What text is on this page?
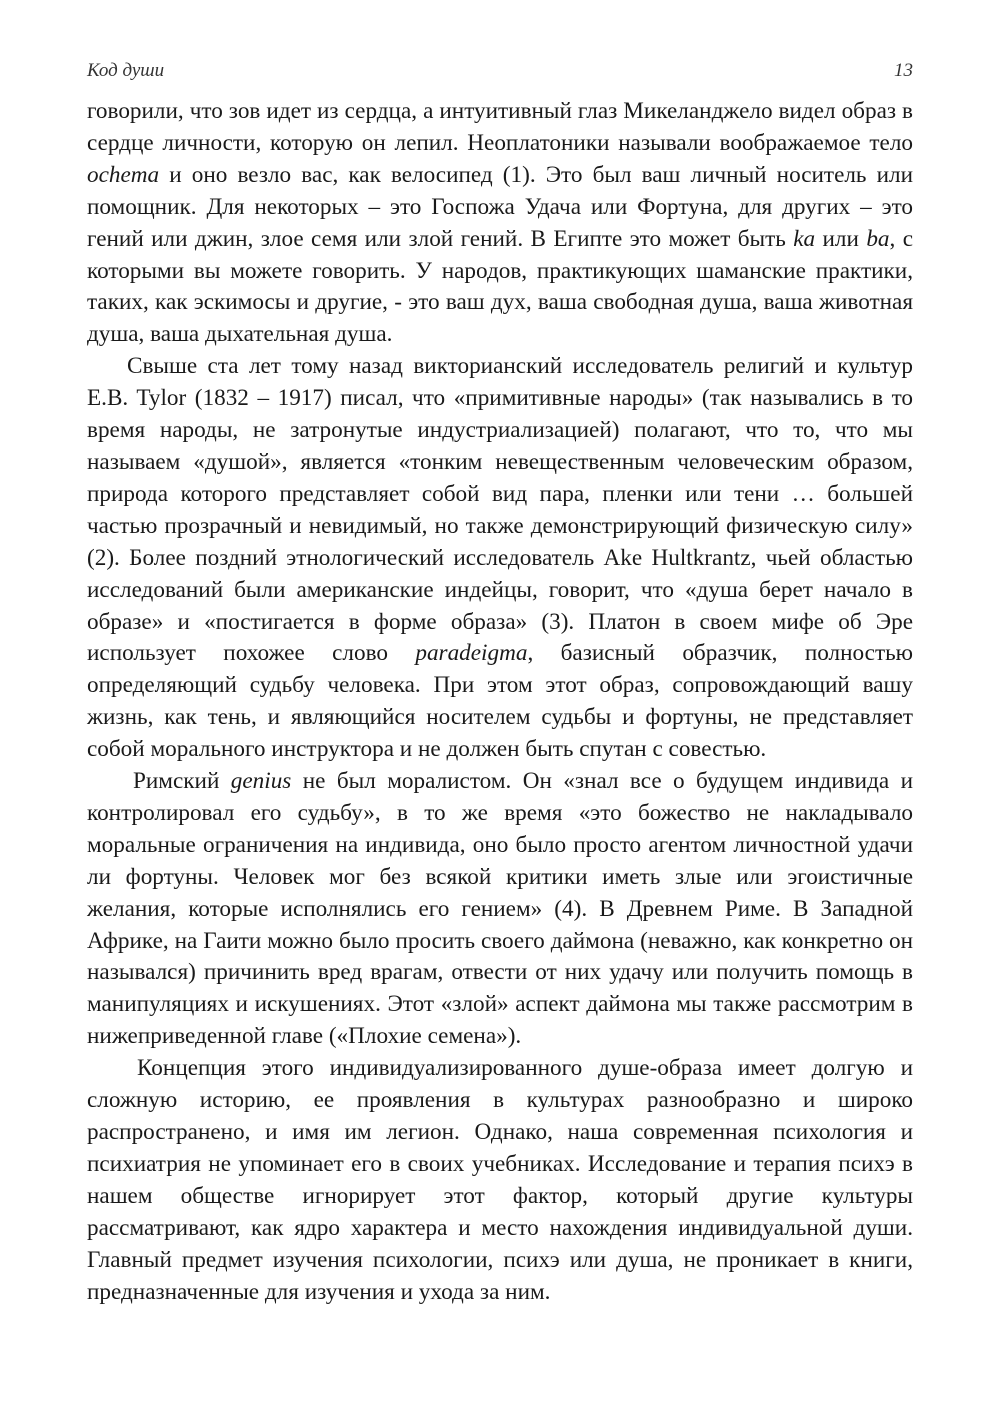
Код души	13

говорили, что зов идет из сердца, а интуитивный глаз Микеланджело видел образ в сердце личности, которую он лепил. Неоплатоники называли воображаемое тело ochema и оно везло вас, как велосипед (1). Это был ваш личный носитель или помощник. Для некоторых – это Госпожа Удача или Фортуна, для других – это гений или джин, злое семя или злой гений. В Египте это может быть ka или ba, с которыми вы можете говорить. У народов, практикующих шаманские практики, таких, как эскимосы и другие, - это ваш дух, ваша свободная душа, ваша животная душа, ваша дыхательная душа.

Свыше ста лет тому назад викторианский исследователь религий и культур E.B. Tylor (1832 – 1917) писал, что «примитивные народы» (так назывались в то время народы, не затронутые индустриализацией) полагают, что то, что мы называем «душой», является «тонким невещественным человеческим образом, природа которого представляет собой вид пара, пленки или тени … большей частью прозрачный и невидимый, но также демонстрирующий физическую силу» (2). Более поздний этнологический исследователь Ake Hultkrantz, чьей областью исследований были американские индейцы, говорит, что «душа берет начало в образе» и «постигается в форме образа» (3). Платон в своем мифе об Эре использует похожее слово paradeigma, базисный образчик, полностью определяющий судьбу человека. При этом этот образ, сопровождающий вашу жизнь, как тень, и являющийся носителем судьбы и фортуны, не представляет собой морального инструктора и не должен быть спутан с совестью.

Римский genius не был моралистом. Он «знал все о будущем индивида и контролировал его судьбу», в то же время «это божество не накладывало моральные ограничения на индивида, оно было просто агентом личностной удачи ли фортуны. Человек мог без всякой критики иметь злые или эгоистичные желания, которые исполнялись его гением» (4). В Древнем Риме. В Западной Африке, на Гаити можно было просить своего даймона (неважно, как конкретно он назывался) причинить вред врагам, отвести от них удачу или получить помощь в манипуляциях и искушениях. Этот «злой» аспект даймона мы также рассмотрим в нижеприведенной главе («Плохие семена»).

Концепция этого индивидуализированного душе-образа имеет долгую и сложную историю, ее проявления в культурах разнообразно и широко распространено, и имя им легион. Однако, наша современная психология и психиатрия не упоминает его в своих учебниках. Исследование и терапия психэ в нашем обществе игнорирует этот фактор, который другие культуры рассматривают, как ядро характера и место нахождения индивидуальной души. Главный предмет изучения психологии, психэ или душа, не проникает в книги, предназначенные для изучения и ухода за ним.
